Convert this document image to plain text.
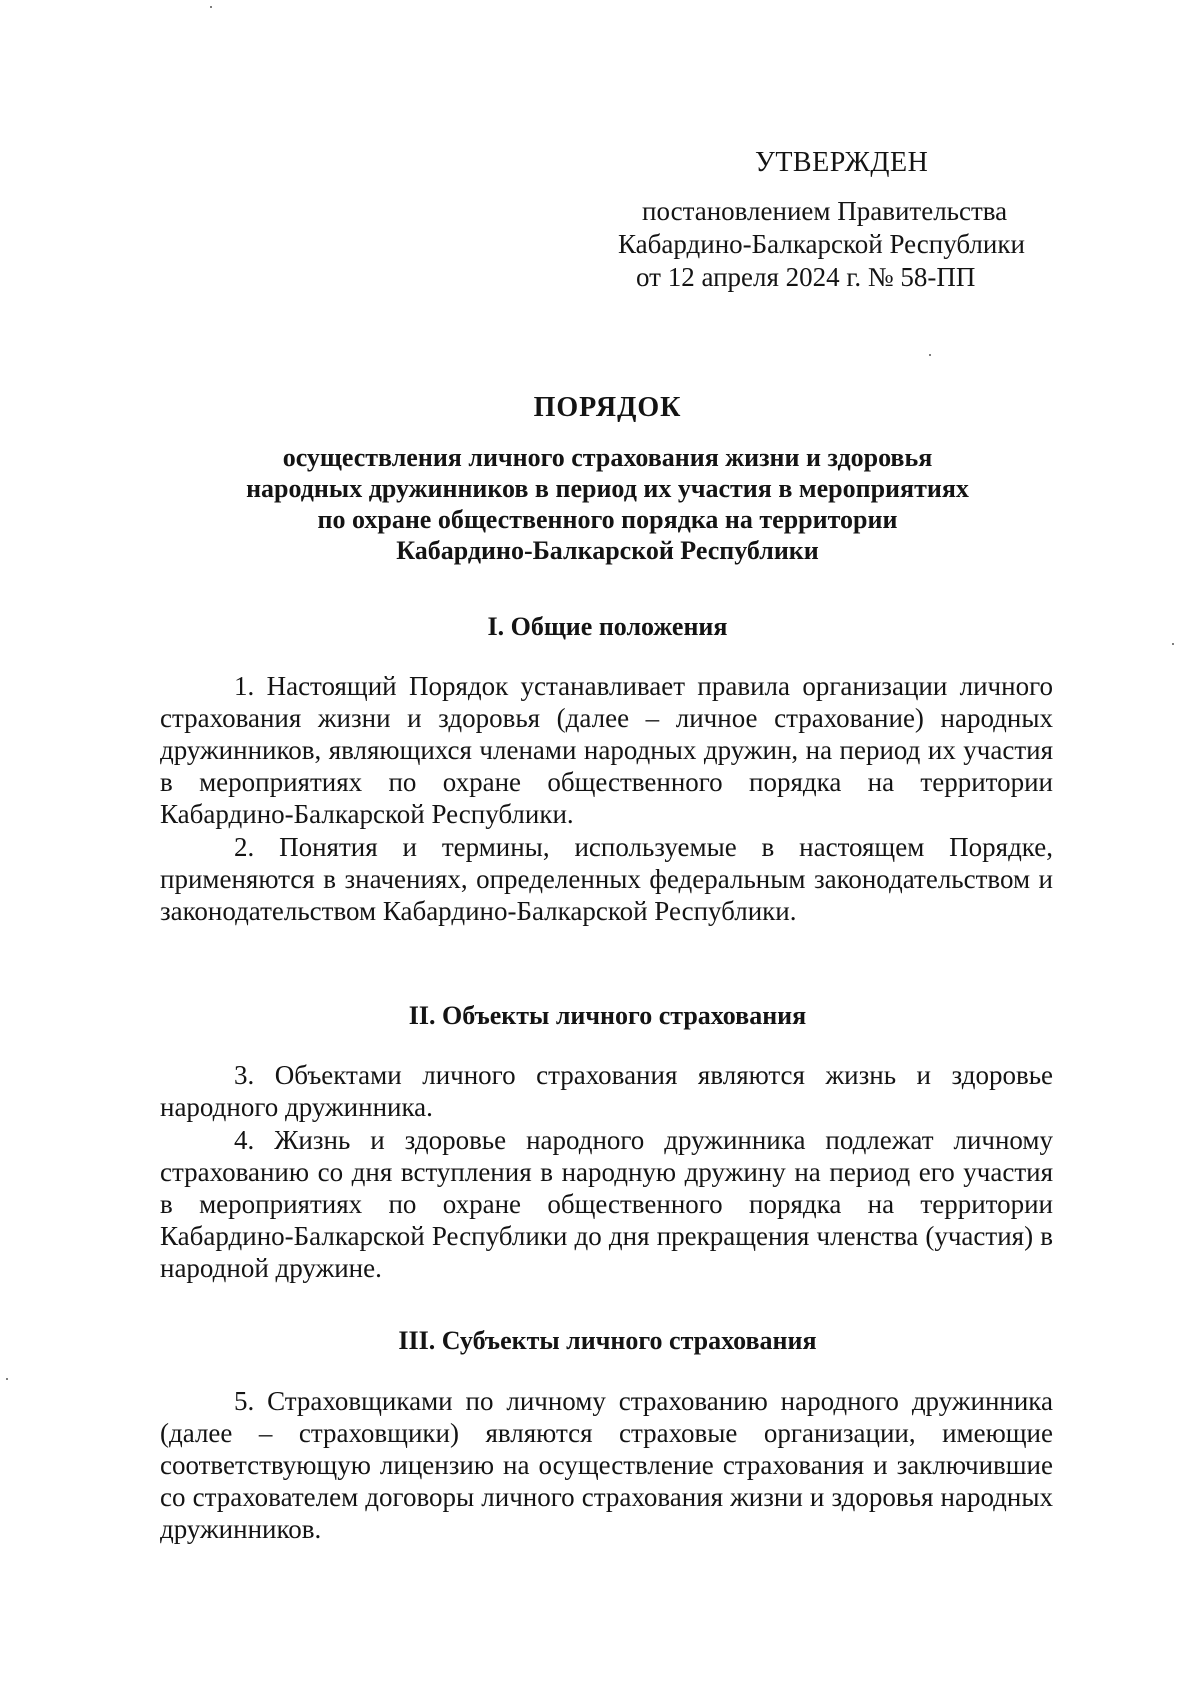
УТВЕРЖДЕН
постановлением Правительства
Кабардино-Балкарской Республики
от 12 апреля 2024 г. № 58-ПП
ПОРЯДОК
осуществления личного страхования жизни и здоровья
народных дружинников в период их участия в мероприятиях
по охране общественного порядка на территории
Кабардино-Балкарской Республики
I. Общие положения
1. Настоящий Порядок устанавливает правила организации личного страхования жизни и здоровья (далее – личное страхование) народных дружинников, являющихся членами народных дружин, на период их участия в мероприятиях по охране общественного порядка на территории Кабардино-Балкарской Республики.
2. Понятия и термины, используемые в настоящем Порядке, применяются в значениях, определенных федеральным законодательством и законодательством Кабардино-Балкарской Республики.
II. Объекты личного страхования
3. Объектами личного страхования являются жизнь и здоровье народного дружинника.
4. Жизнь и здоровье народного дружинника подлежат личному страхованию со дня вступления в народную дружину на период его участия в мероприятиях по охране общественного порядка на территории Кабардино-Балкарской Республики до дня прекращения членства (участия) в народной дружине.
III. Субъекты личного страхования
5. Страховщиками по личному страхованию народного дружинника (далее – страховщики) являются страховые организации, имеющие соответствующую лицензию на осуществление страхования и заключившие со страхователем договоры личного страхования жизни и здоровья народных дружинников.
